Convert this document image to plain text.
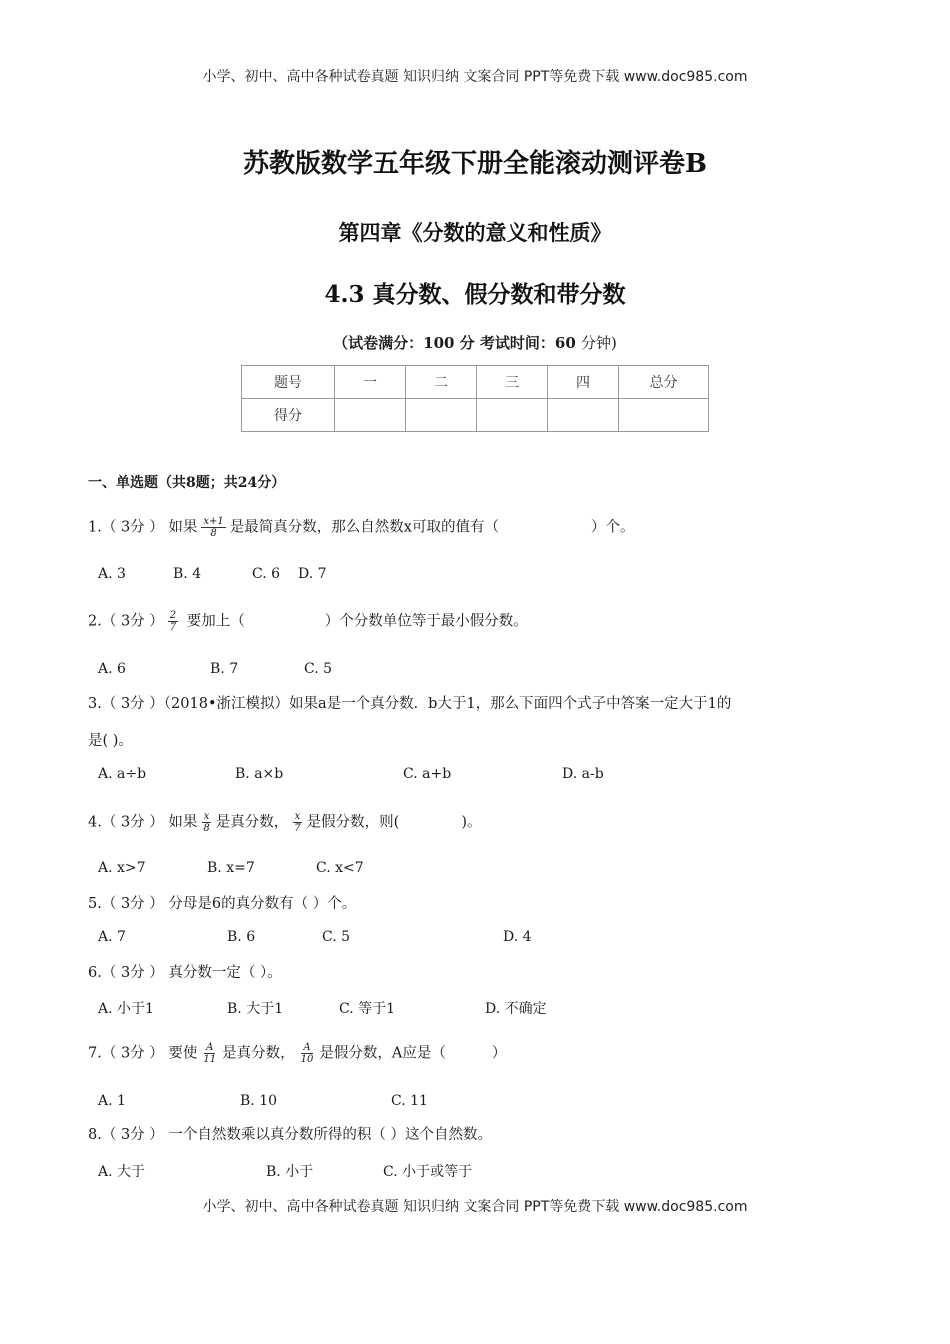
小学、初中、高中各种试卷真题 知识归纳 文案合同 PPT等免费下载 www.doc985.com
苏教版数学五年级下册全能滚动测评卷B
第四章《分数的意义和性质》
4.3 真分数、假分数和带分数
（试卷满分：100 分 考试时间：60 分钟)
题号	一	二	三	四	总分
得分					
一、单选题（共8题；共24分）
1.（ 3分 ） 如果 $\frac{x+1}{8}$ 是最简真分数，那么自然数x可取的值有（	）个。
A. 3	B. 4	C. 6 D. 7
2.（ 3分 ） $\frac{2}{7}$ 要加上（	）个分数单位等于最小假分数。
A. 6	B. 7	C. 5
3.（ 3分 ）（2018•浙江模拟）如果a是一个真分数．b大于1，那么下面四个式子中答案一定大于1的
是( )。
A. a÷b	B. a×b	C. a+b	D. a-b
4.（ 3分 ） 如果 $\frac{x}{8}$ 是真分数， $\frac{x}{7}$ 是假分数，则(	)。
A. x>7	B. x=7	C. x<7
5.（ 3分 ） 分母是6的真分数有（ ）个。
A. 7	B. 6	C. 5	D. 4
6.（ 3分 ） 真分数一定（ ）。
A. 小于1	B. 大于1	C. 等于1	D. 不确定
7.（ 3分 ） 要使 $\frac{A}{11}$ 是真分数， $\frac{A}{10}$ 是假分数，A应是（	）
A. 1	B. 10	C. 11
8.（ 3分 ） 一个自然数乘以真分数所得的积（ ）这个自然数。
A. 大于	B. 小于	C. 小于或等于
小学、初中、高中各种试卷真题 知识归纳 文案合同 PPT等免费下载 www.doc985.com
